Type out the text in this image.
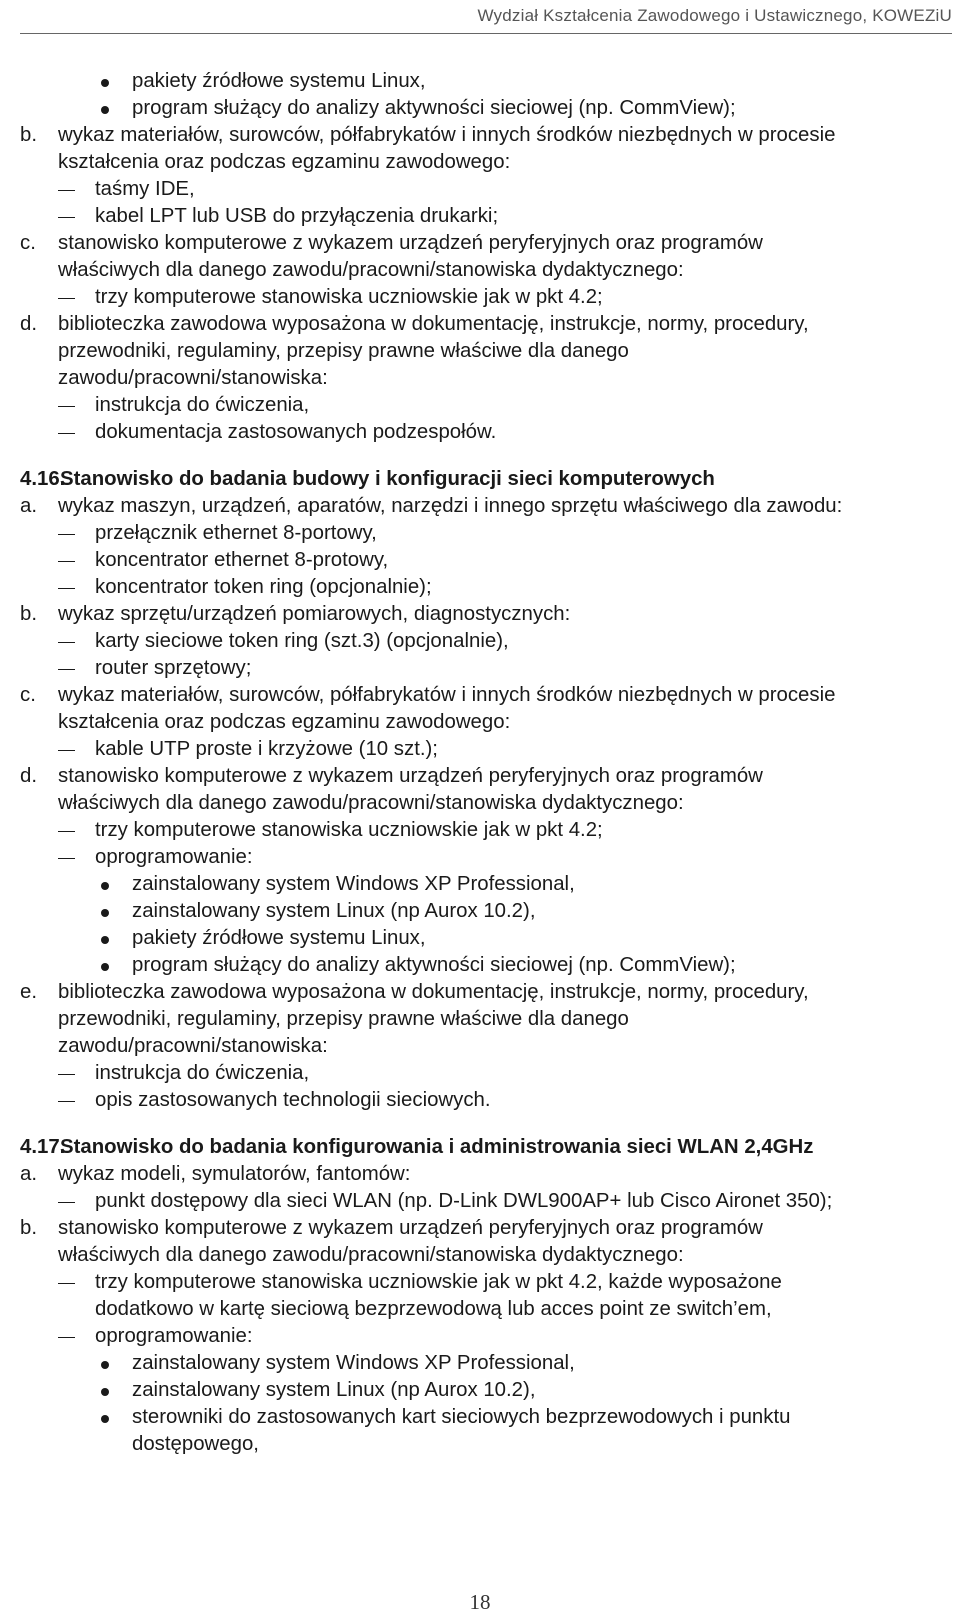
Wydział Kształcenia Zawodowego i Ustawicznego, KOWEZiU
pakiety źródłowe systemu Linux,
program służący do analizy aktywności sieciowej (np. CommView);
b. wykaz materiałów, surowców, półfabrykatów i innych środków niezbędnych w procesie
kształcenia oraz podczas egzaminu zawodowego:
taśmy IDE,
kabel LPT lub USB do przyłączenia drukarki;
c. stanowisko komputerowe z wykazem urządzeń peryferyjnych oraz programów
właściwych dla danego zawodu/pracowni/stanowiska dydaktycznego:
trzy komputerowe stanowiska uczniowskie jak w pkt 4.2;
d. biblioteczka zawodowa wyposażona w dokumentację, instrukcje, normy, procedury,
przewodniki, regulaminy, przepisy prawne właściwe dla danego
zawodu/pracowni/stanowiska:
instrukcja do ćwiczenia,
dokumentacja zastosowanych podzespołów.
4.16.
Stanowisko do badania budowy i konfiguracji sieci komputerowych
a. wykaz maszyn, urządzeń, aparatów, narzędzi i innego sprzętu właściwego dla zawodu:
przełącznik ethernet 8-portowy,
koncentrator ethernet 8-protowy,
koncentrator token ring (opcjonalnie);
b. wykaz sprzętu/urządzeń pomiarowych, diagnostycznych:
karty sieciowe token ring (szt.3) (opcjonalnie),
router sprzętowy;
c. wykaz materiałów, surowców, półfabrykatów i innych środków niezbędnych w procesie
kształcenia oraz podczas egzaminu zawodowego:
kable UTP proste i krzyżowe (10 szt.);
d. stanowisko komputerowe z wykazem urządzeń peryferyjnych oraz programów
właściwych dla danego zawodu/pracowni/stanowiska dydaktycznego:
trzy komputerowe stanowiska uczniowskie jak w pkt 4.2;
oprogramowanie:
zainstalowany system Windows XP Professional,
zainstalowany system Linux (np Aurox 10.2),
pakiety źródłowe systemu Linux,
program służący do analizy aktywności sieciowej (np. CommView);
e. biblioteczka zawodowa wyposażona w dokumentację, instrukcje, normy, procedury,
przewodniki, regulaminy, przepisy prawne właściwe dla danego
zawodu/pracowni/stanowiska:
instrukcja do ćwiczenia,
opis zastosowanych technologii sieciowych.
4.17.
Stanowisko do badania konfigurowania i administrowania sieci WLAN 2,4GHz
a. wykaz modeli, symulatorów, fantomów:
punkt dostępowy dla sieci WLAN (np. D-Link DWL900AP+ lub Cisco Aironet 350);
b. stanowisko komputerowe z wykazem urządzeń peryferyjnych oraz programów
właściwych dla danego zawodu/pracowni/stanowiska dydaktycznego:
trzy komputerowe stanowiska uczniowskie jak w pkt 4.2, każde wyposażone
dodatkowo w kartę sieciową bezprzewodową lub acces point ze switch’em,
oprogramowanie:
zainstalowany system Windows XP Professional,
zainstalowany system Linux (np Aurox 10.2),
sterowniki do zastosowanych kart sieciowych bezprzewodowych i punktu
dostępowego,
18
